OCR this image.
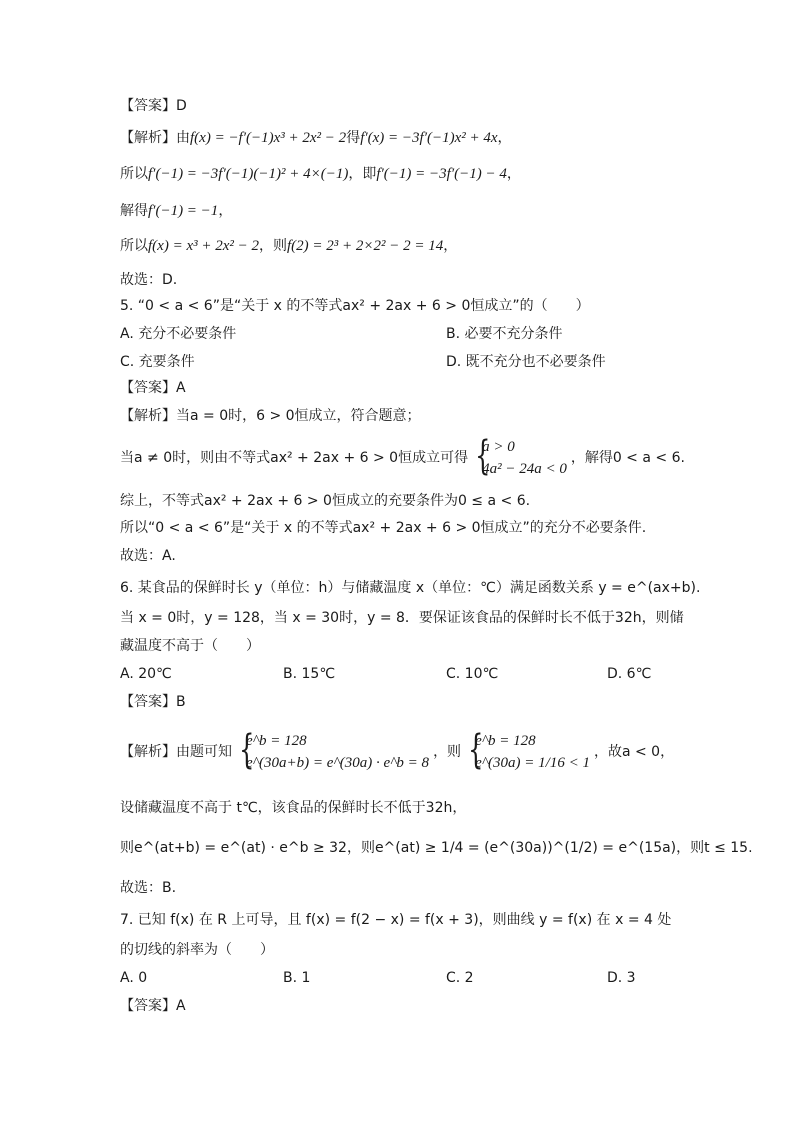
【答案】D
【解析】由f(x) = −f′(−1)x³ + 2x² − 2得f′(x) = −3f′(−1)x² + 4x，
所以f′(−1) = −3f′(−1)(−1)² + 4×(−1)，即f′(−1) = −3f′(−1) − 4，
解得f′(−1) = −1，
所以f(x) = x³ + 2x² − 2，则f(2) = 2³ + 2×2² − 2 = 14，
故选：D.
5. “0 < a < 6”是“关于 x 的不等式ax² + 2ax + 6 > 0恒成立”的（　　）
A. 充分不必要条件	B. 必要不充分条件
C. 充要条件	D. 既不充分也不必要条件
【答案】A
【解析】当a = 0时，6 > 0恒成立，符合题意；
当a ≠ 0时，则由不等式ax² + 2ax + 6 > 0恒成立可得
{ a > 0
4a² − 24a < 0
，解得0 < a < 6.
综上，不等式ax² + 2ax + 6 > 0恒成立的充要条件为0 ≤ a < 6.
所以“0 < a < 6”是“关于 x 的不等式ax² + 2ax + 6 > 0恒成立”的充分不必要条件.
故选：A.
6. 某食品的保鲜时长 y（单位：h）与储藏温度 x（单位：℃）满足函数关系 y = e^(ax+b).
当 x = 0时，y = 128，当 x = 30时，y = 8．要保证该食品的保鲜时长不低于32h，则储
藏温度不高于（　　）
A. 20℃	B. 15℃	C. 10℃	D. 6℃
【答案】B
【解析】由题可知
{ e^b = 128
e^(30a+b) = e^(30a) · e^b = 8
，则
{ e^b = 128
e^(30a) = 1/16 < 1
，故a < 0，
设储藏温度不高于 t℃，该食品的保鲜时长不低于32h，
则e^(at+b) = e^(at) · e^b ≥ 32，则e^(at) ≥ 1/4 = (e^(30a))^(1/2) = e^(15a)，则t ≤ 15.
故选：B.
7. 已知 f(x) 在 R 上可导，且 f(x) = f(2 − x) = f(x + 3)，则曲线 y = f(x) 在 x = 4 处
的切线的斜率为（　　）
A. 0	B. 1	C. 2	D. 3
【答案】A
